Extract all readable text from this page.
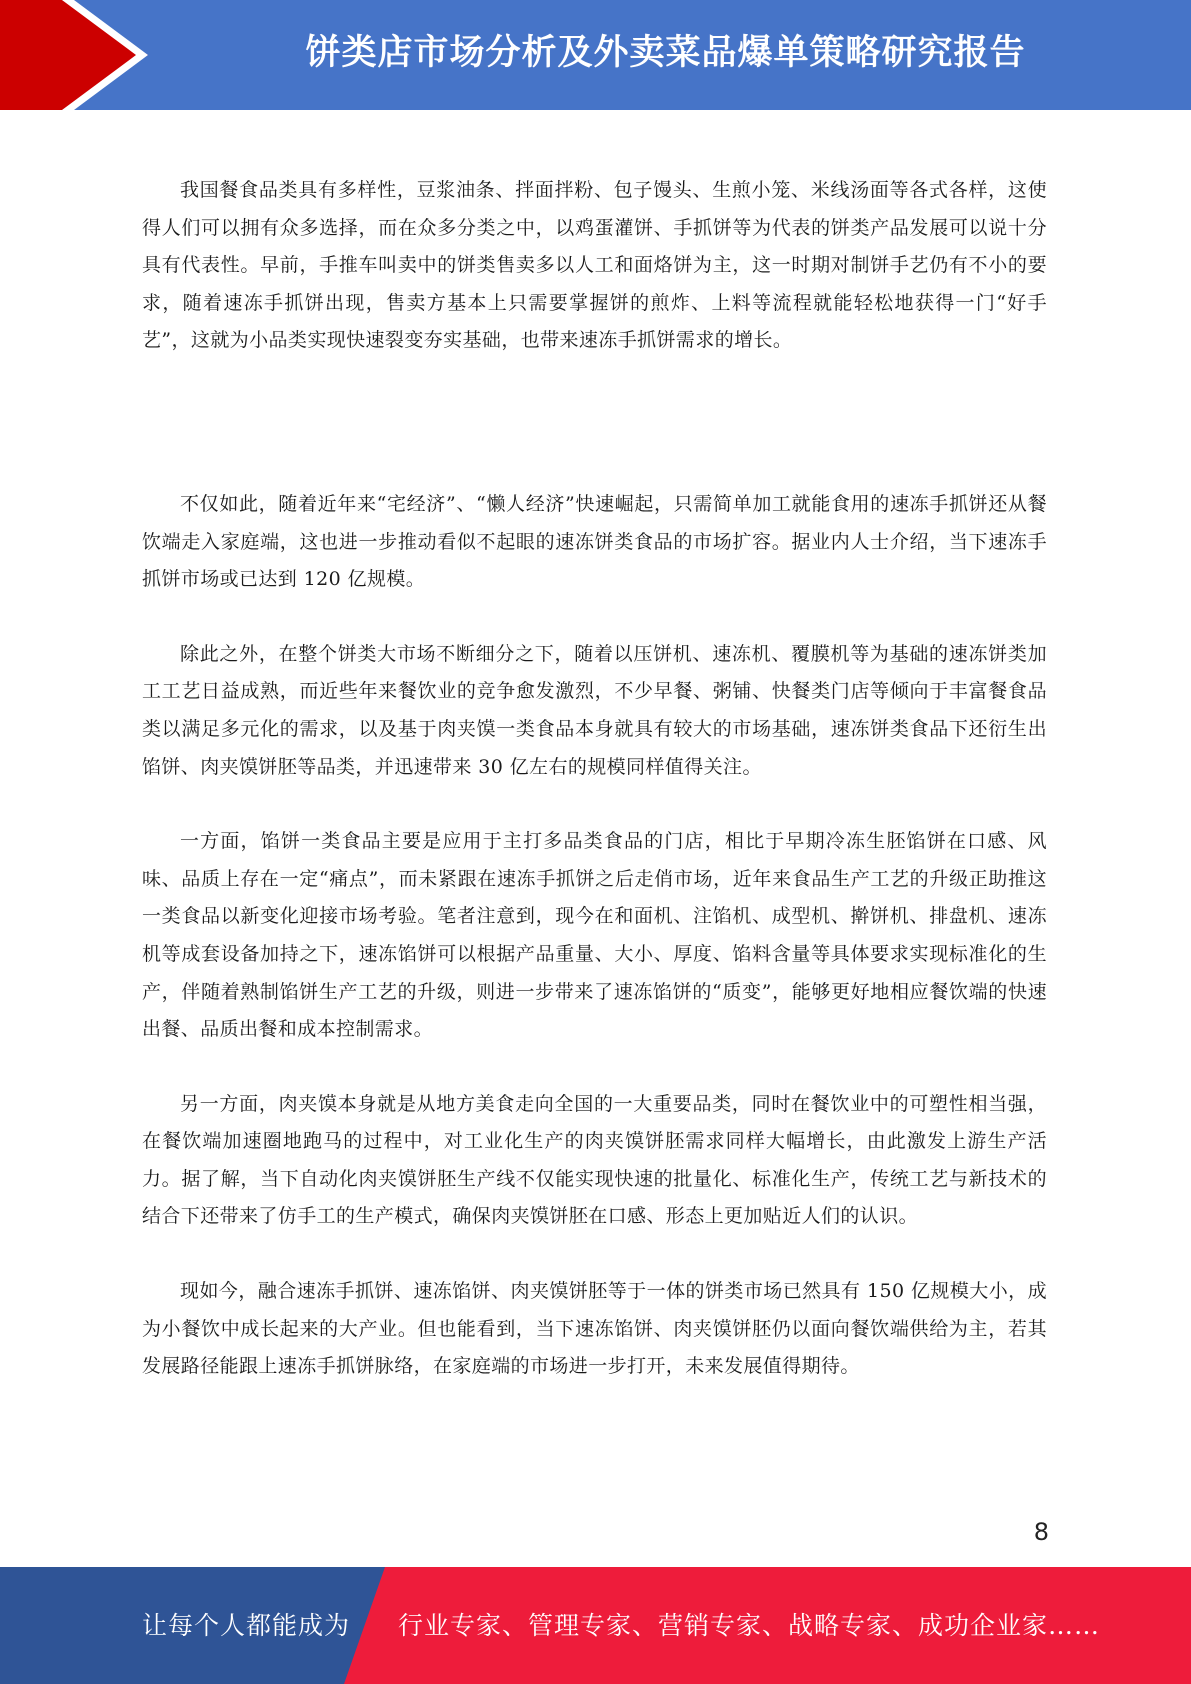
饼类店市场分析及外卖菜品爆单策略研究报告

我国餐食品类具有多样性，豆浆油条、拌面拌粉、包子馒头、生煎小笼、米线汤面等各式各样，这使得人们可以拥有众多选择，而在众多分类之中，以鸡蛋灌饼、手抓饼等为代表的饼类产品发展可以说十分具有代表性。早前，手推车叫卖中的饼类售卖多以人工和面烙饼为主，这一时期对制饼手艺仍有不小的要求，随着速冻手抓饼出现，售卖方基本上只需要掌握饼的煎炸、上料等流程就能轻松地获得一门“好手艺”，这就为小品类实现快速裂变夯实基础，也带来速冻手抓饼需求的增长。

不仅如此，随着近年来“宅经济”、“懒人经济”快速崛起，只需简单加工就能食用的速冻手抓饼还从餐饮端走入家庭端，这也进一步推动看似不起眼的速冻饼类食品的市场扩容。据业内人士介绍，当下速冻手抓饼市场或已达到 120 亿规模。

除此之外，在整个饼类大市场不断细分之下，随着以压饼机、速冻机、覆膜机等为基础的速冻饼类加工工艺日益成熟，而近些年来餐饮业的竞争愈发激烈，不少早餐、粥铺、快餐类门店等倾向于丰富餐食品类以满足多元化的需求，以及基于肉夹馍一类食品本身就具有较大的市场基础，速冻饼类食品下还衍生出馅饼、肉夹馍饼胚等品类，并迅速带来 30 亿左右的规模同样值得关注。

一方面，馅饼一类食品主要是应用于主打多品类食品的门店，相比于早期冷冻生胚馅饼在口感、风味、品质上存在一定“痛点”，而未紧跟在速冻手抓饼之后走俏市场，近年来食品生产工艺的升级正助推这一类食品以新变化迎接市场考验。笔者注意到，现今在和面机、注馅机、成型机、擀饼机、排盘机、速冻机等成套设备加持之下，速冻馅饼可以根据产品重量、大小、厚度、馅料含量等具体要求实现标准化的生产，伴随着熟制馅饼生产工艺的升级，则进一步带来了速冻馅饼的“质变”，能够更好地相应餐饮端的快速出餐、品质出餐和成本控制需求。

另一方面，肉夹馍本身就是从地方美食走向全国的一大重要品类，同时在餐饮业中的可塑性相当强，在餐饮端加速圈地跑马的过程中，对工业化生产的肉夹馍饼胚需求同样大幅增长，由此激发上游生产活力。据了解，当下自动化肉夹馍饼胚生产线不仅能实现快速的批量化、标准化生产，传统工艺与新技术的结合下还带来了仿手工的生产模式，确保肉夹馍饼胚在口感、形态上更加贴近人们的认识。

现如今，融合速冻手抓饼、速冻馅饼、肉夹馍饼胚等于一体的饼类市场已然具有 150 亿规模大小，成为小餐饮中成长起来的大产业。但也能看到，当下速冻馅饼、肉夹馍饼胚仍以面向餐饮端供给为主，若其发展路径能跟上速冻手抓饼脉络，在家庭端的市场进一步打开，未来发展值得期待。

8
让每个人都能成为 行业专家、管理专家、营销专家、战略专家、成功企业家……
